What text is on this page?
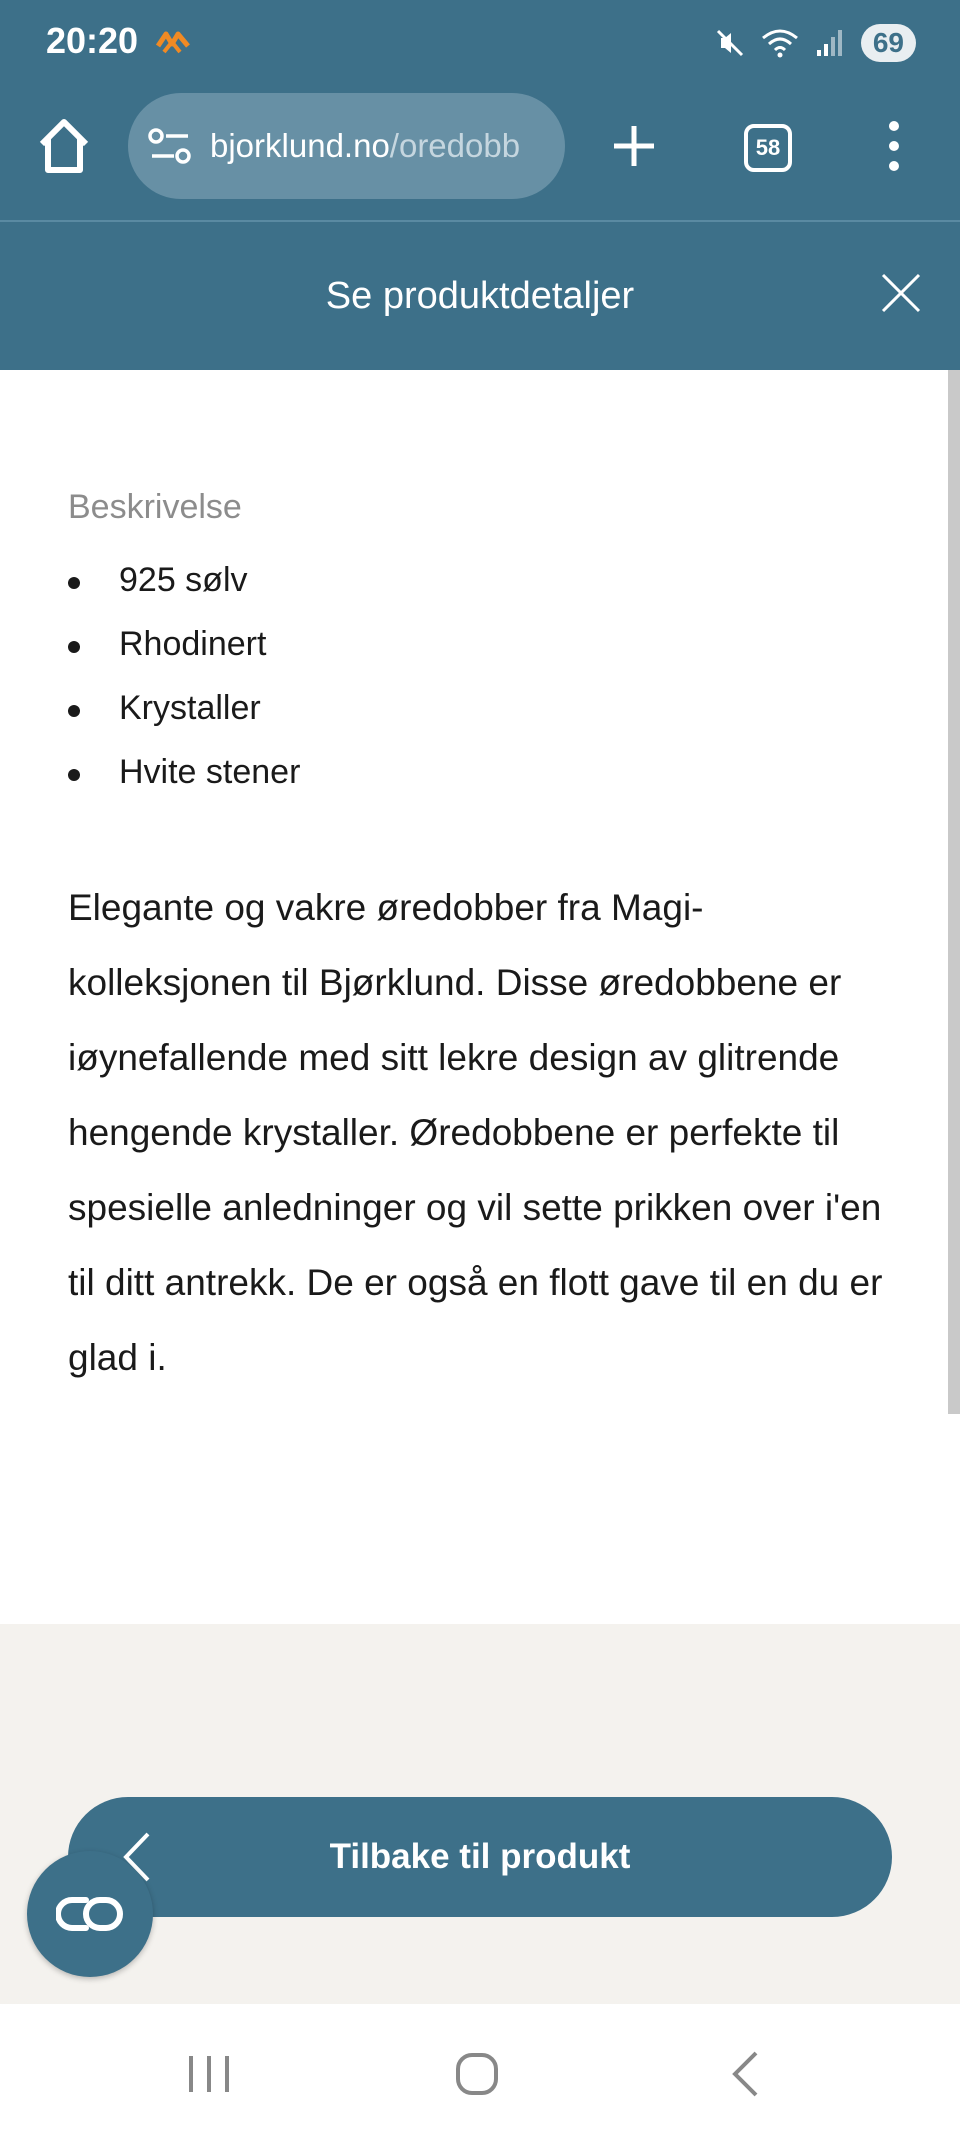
20:20	69
bjorklund.no/oredobb	58
Se produktdetaljer
Beskrivelse
925 sølv
Rhodinert
Krystaller
Hvite stener

Elegante og vakre øredobber fra Magi-kolleksjonen til Bjørklund. Disse øredobbene er iøynefallende med sitt lekre design av glitrende hengende krystaller. Øredobbene er perfekte til spesielle anledninger og vil sette prikken over i'en til ditt antrekk. De er også en flott gave til en du er glad i.

Tilbake til produkt
